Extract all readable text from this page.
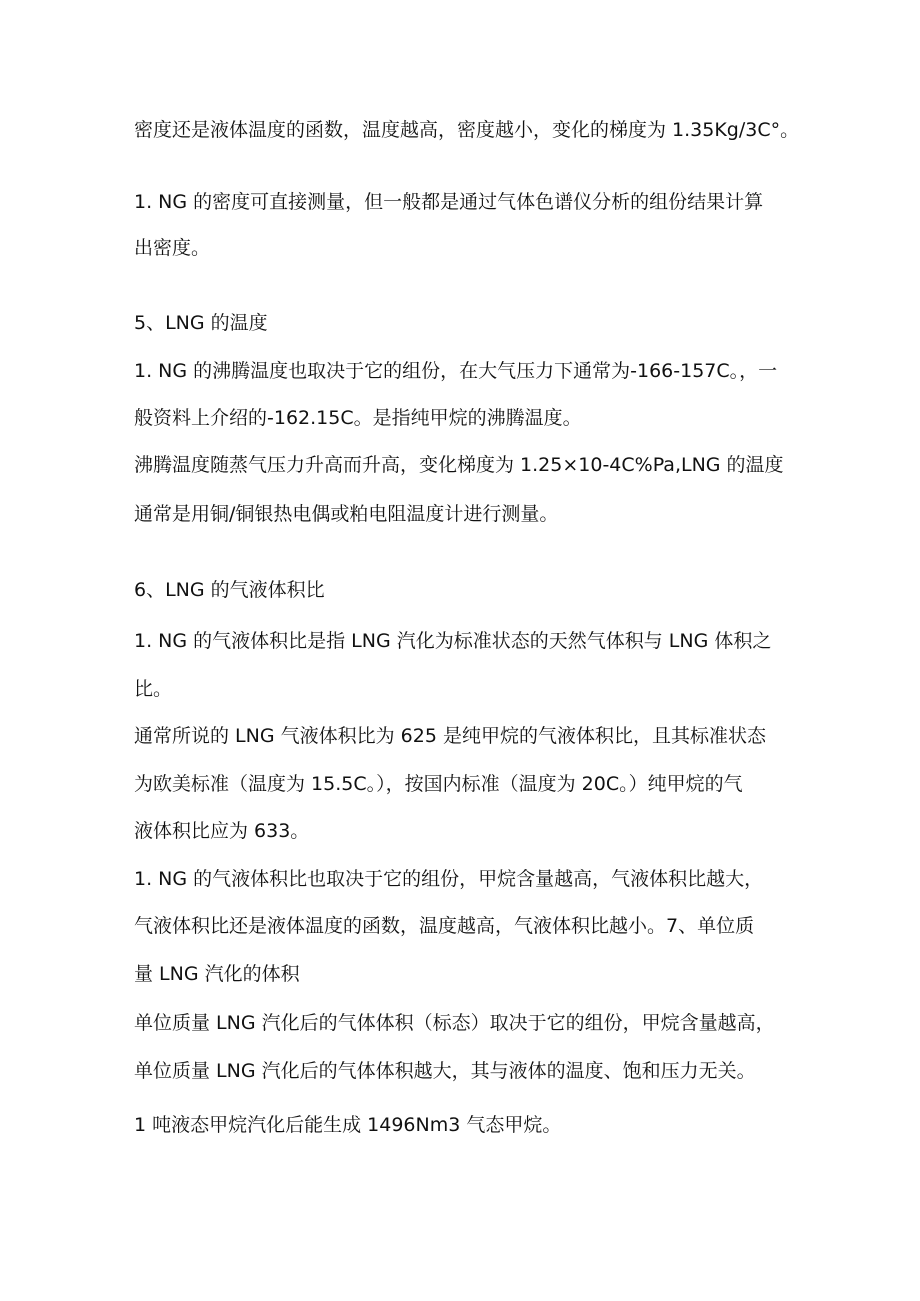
密度还是液体温度的函数，温度越高，密度越小，变化的梯度为 1.35Kg∕3C°。
1. NG 的密度可直接测量，但一般都是通过气体色谱仪分析的组份结果计算
出密度。
5、LNG 的温度
1. NG 的沸腾温度也取决于它的组份，在大气压力下通常为-166-157C。，一
般资料上介绍的-162.15C。是指纯甲烷的沸腾温度。
沸腾温度随蒸气压力升高而升高，变化梯度为 1.25×10-4C%Pa,LNG 的温度
通常是用铜/铜银热电偶或粕电阻温度计进行测量。
6、LNG 的气液体积比
1. NG 的气液体积比是指 LNG 汽化为标准状态的天然气体积与 LNG 体积之
比。
通常所说的 LNG 气液体积比为 625 是纯甲烷的气液体积比，且其标准状态
为欧美标准（温度为 15.5C。），按国内标准（温度为 20C。）纯甲烷的气
液体积比应为 633。
1. NG 的气液体积比也取决于它的组份，甲烷含量越高，气液体积比越大，
气液体积比还是液体温度的函数，温度越高，气液体积比越小。7、单位质
量 LNG 汽化的体积
单位质量 LNG 汽化后的气体体积（标态）取决于它的组份，甲烷含量越高，
单位质量 LNG 汽化后的气体体积越大，其与液体的温度、饱和压力无关。
1 吨液态甲烷汽化后能生成 1496Nm3 气态甲烷。
